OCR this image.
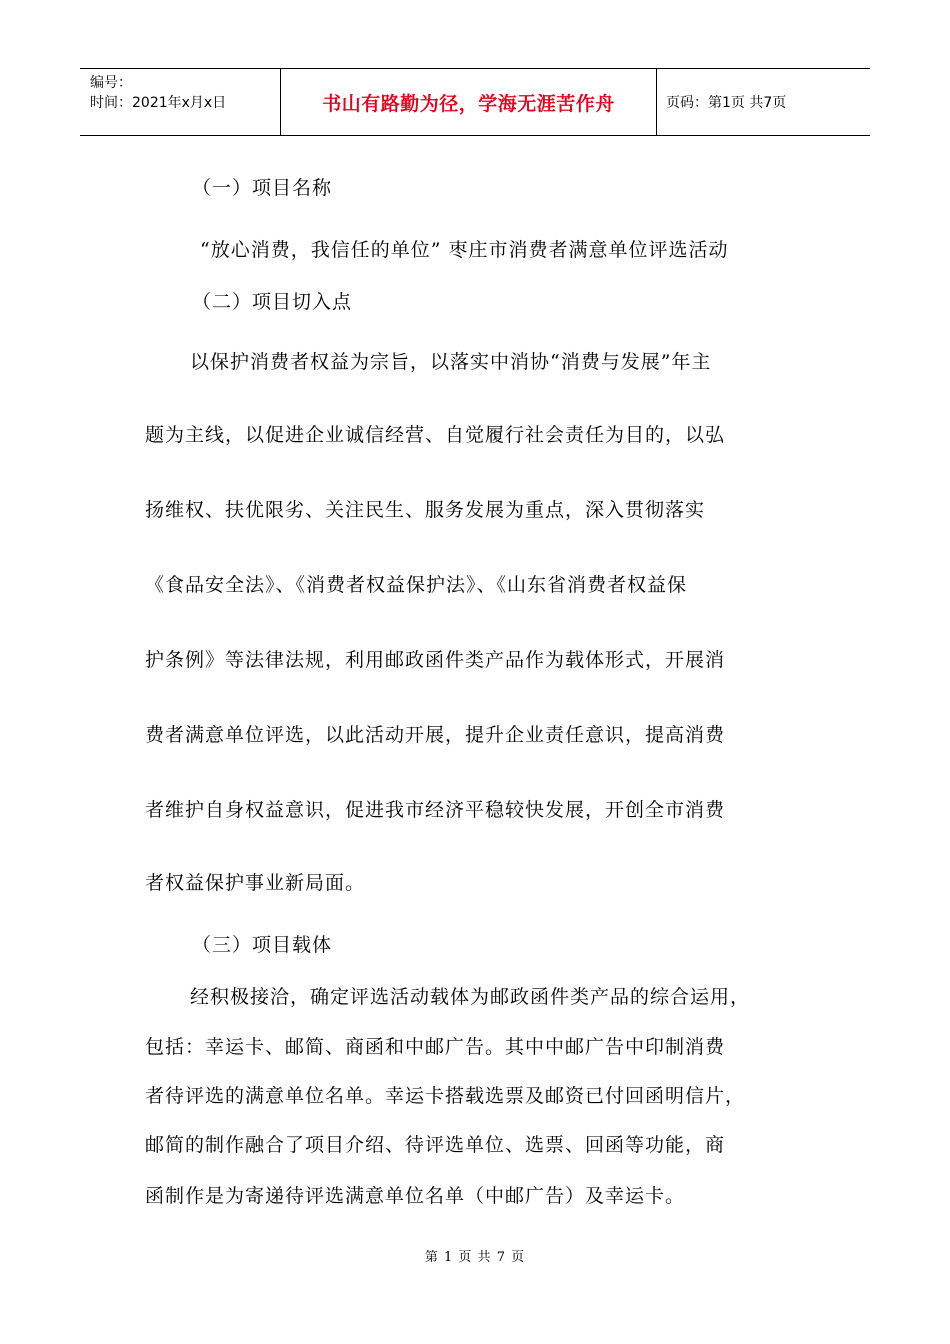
编号：
时间：2021年x月x日	书山有路勤为径，学海无涯苦作舟	页码：第1页 共7页
（一）项目名称
“放心消费，我信任的单位” 枣庄市消费者满意单位评选活动
（二）项目切入点
以保护消费者权益为宗旨，以落实中消协“消费与发展”年主
题为主线，以促进企业诚信经营、自觉履行社会责任为目的，以弘
扬维权、扶优限劣、关注民生、服务发展为重点，深入贯彻落实
《食品安全法》、《消费者权益保护法》、《山东省消费者权益保
护条例》等法律法规，利用邮政函件类产品作为载体形式，开展消
费者满意单位评选，以此活动开展，提升企业责任意识，提高消费
者维护自身权益意识，促进我市经济平稳较快发展，开创全市消费
者权益保护事业新局面。
（三）项目载体
经积极接洽，确定评选活动载体为邮政函件类产品的综合运用，
包括：幸运卡、邮简、商函和中邮广告。其中中邮广告中印制消费
者待评选的满意单位名单。幸运卡搭载选票及邮资已付回函明信片，
邮简的制作融合了项目介绍、待评选单位、选票、回函等功能，商
函制作是为寄递待评选满意单位名单（中邮广告）及幸运卡。
第 1 页 共 7 页
